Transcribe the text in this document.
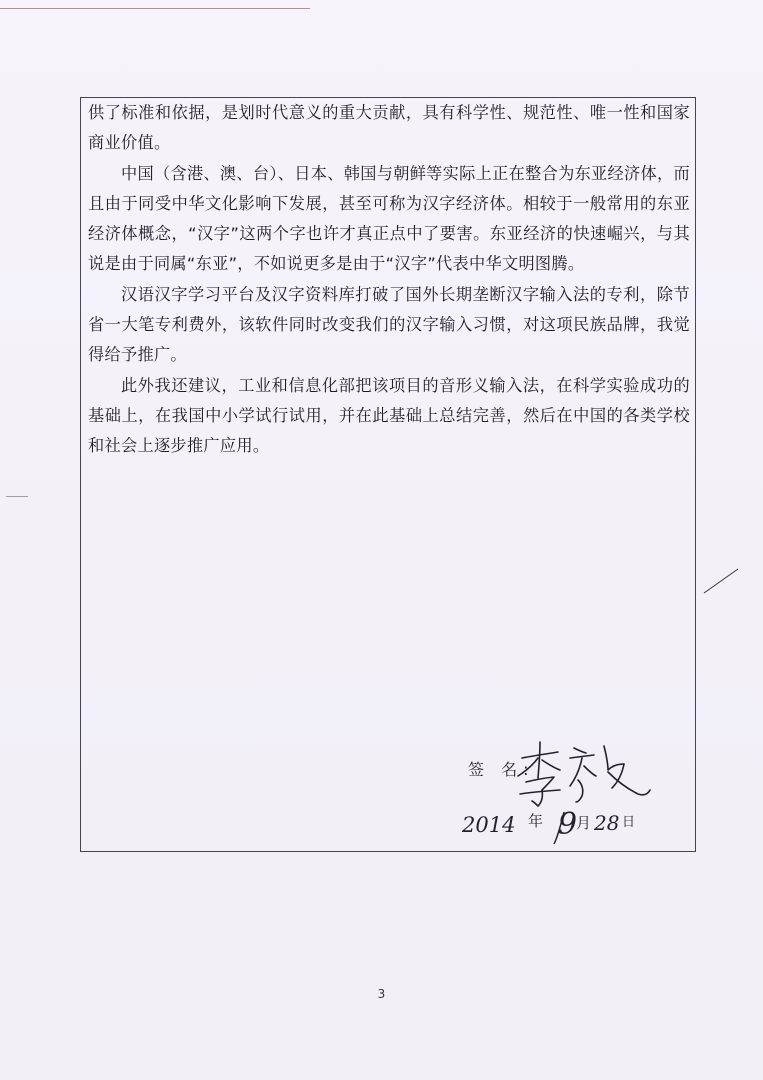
供了标准和依据，是划时代意义的重大贡献，具有科学性、规范性、唯一性和国家商业价值。

中国（含港、澳、台）、日本、韩国与朝鲜等实际上正在整合为东亚经济体，而且由于同受中华文化影响下发展，甚至可称为汉字经济体。相较于一般常用的东亚经济体概念，“汉字”这两个字也许才真正点中了要害。东亚经济的快速崛兴，与其说是由于同属“东亚”，不如说更多是由于“汉字”代表中华文明图腾。

汉语汉字学习平台及汉字资料库打破了国外长期垄断汉字输入法的专利，除节省一大笔专利费外，该软件同时改变我们的汉字输入习惯，对这项民族品牌，我觉得给予推广。

此外我还建议，工业和信息化部把该项目的音形义输入法，在科学实验成功的基础上，在我国中小学试行试用，并在此基础上总结完善，然后在中国的各类学校和社会上逐步推广应用。

签 名:
2014 年 9
月 28 日
3
